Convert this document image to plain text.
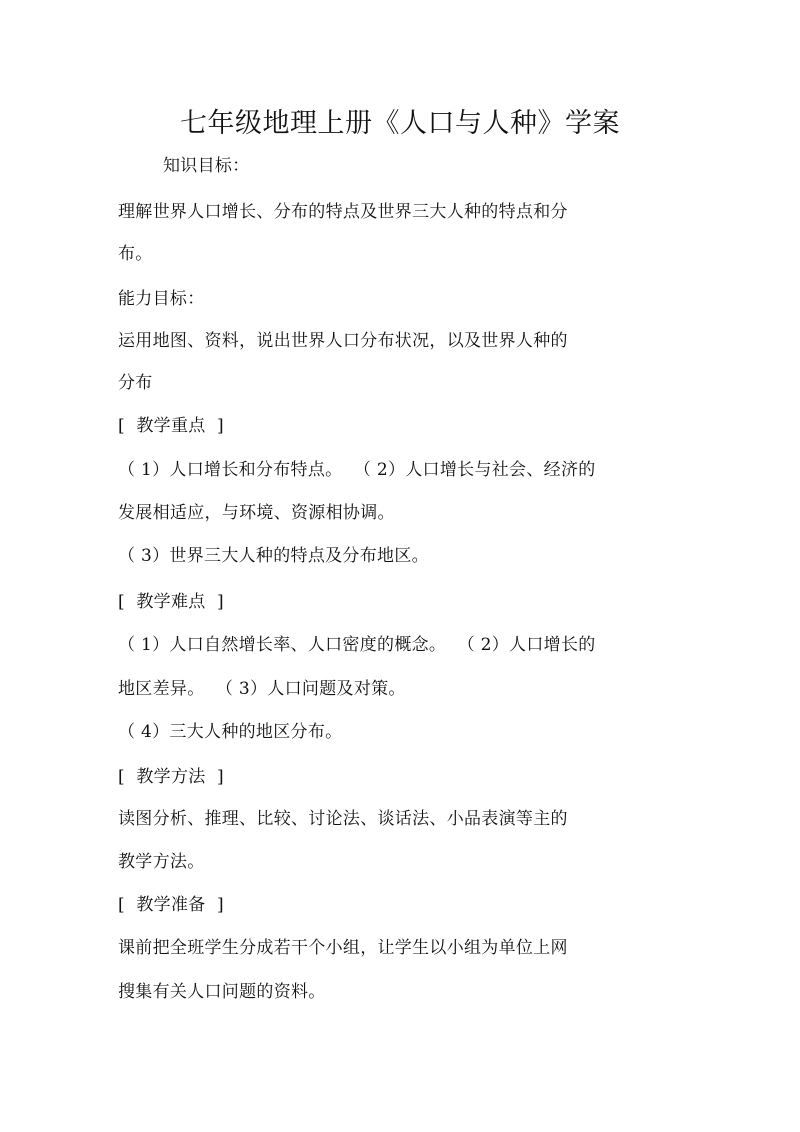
七年级地理上册《人口与人种》学案
知识目标：
理解世界人口增长、分布的特点及世界三大人种的特点和分
布。
能力目标：
运用地图、资料，说出世界人口分布状况，以及世界人种的
分布
[  教学重点  ]
（ 1）人口增长和分布特点。  （ 2）人口增长与社会、经济的
发展相适应，与环境、资源相协调。
（ 3）世界三大人种的特点及分布地区。
[  教学难点  ]
（ 1）人口自然增长率、人口密度的概念。  （ 2）人口增长的
地区差异。  （ 3）人口问题及对策。
（ 4）三大人种的地区分布。
[  教学方法  ]
读图分析、推理、比较、讨论法、谈话法、小品表演等主的
教学方法。
[  教学准备  ]
课前把全班学生分成若干个小组，让学生以小组为单位上网
搜集有关人口问题的资料。
